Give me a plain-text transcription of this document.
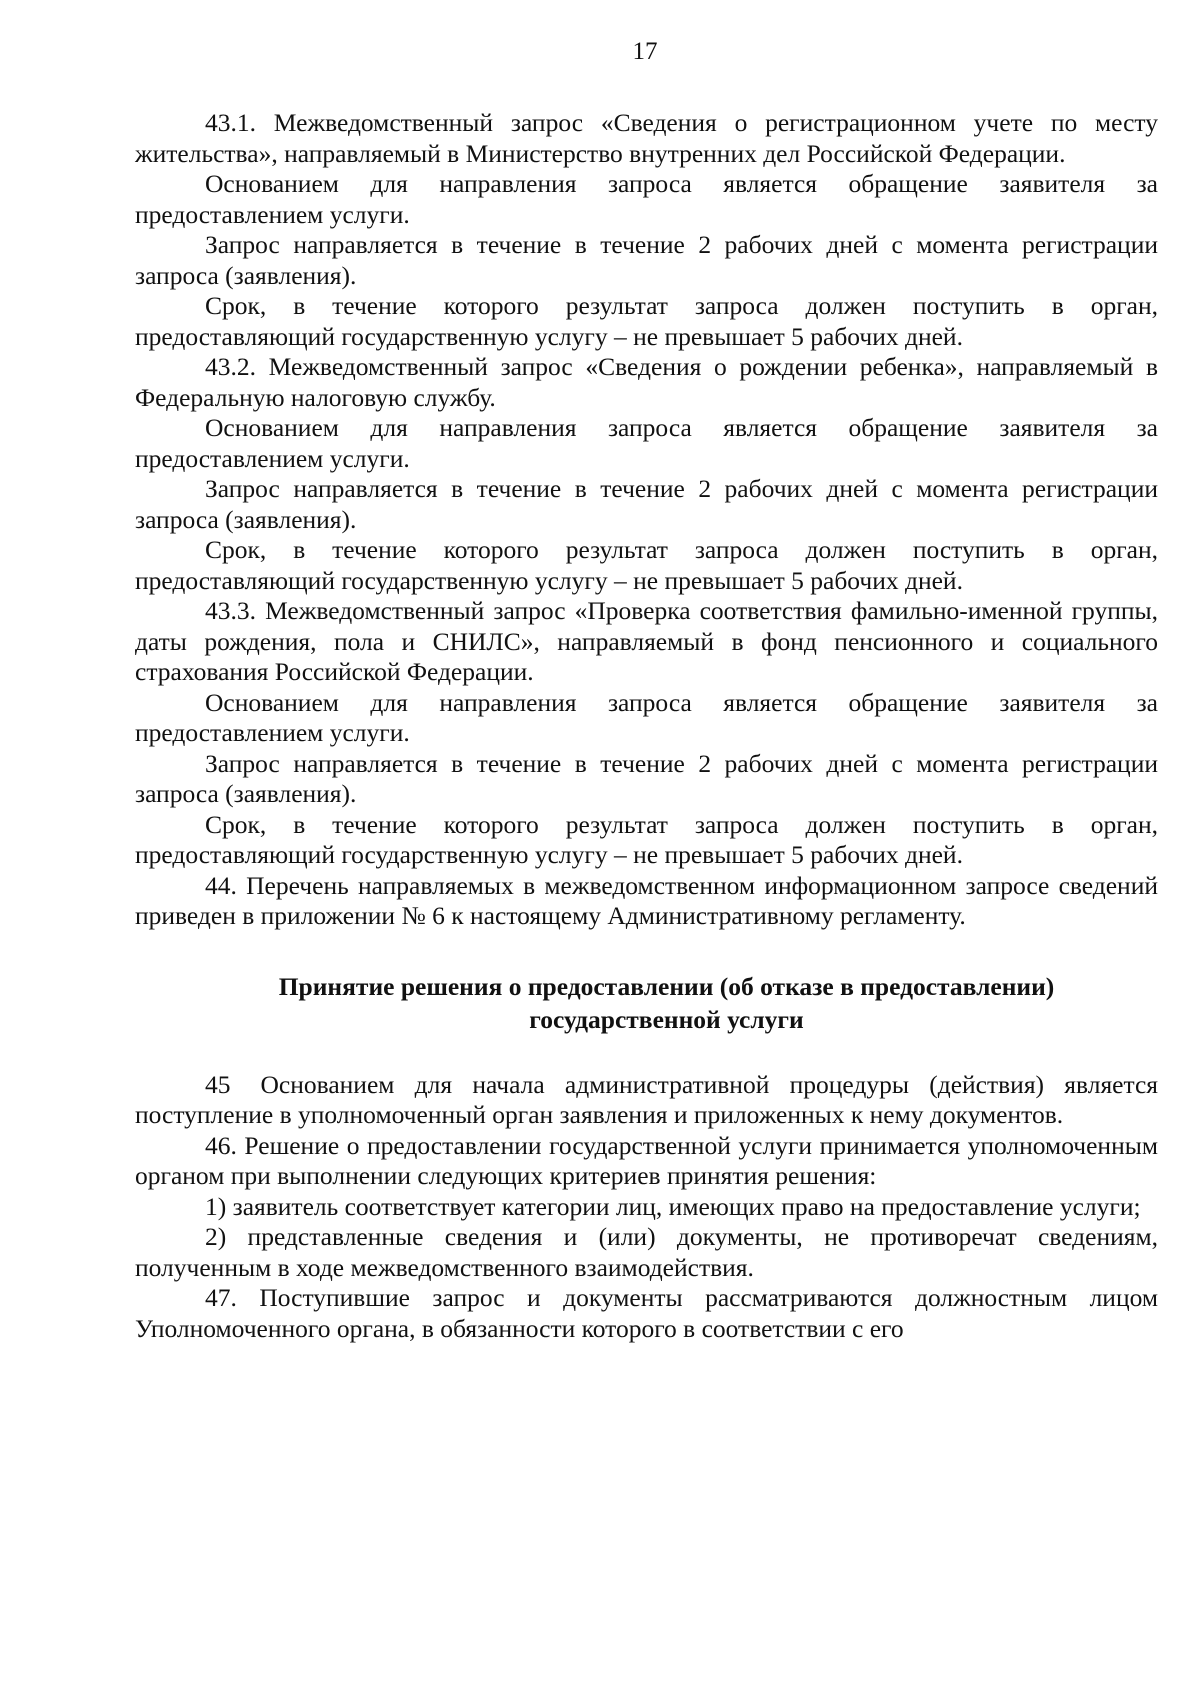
17

43.1. Межведомственный запрос «Сведения о регистрационном учете по месту жительства», направляемый в Министерство внутренних дел Российской Федерации.

Основанием для направления запроса является обращение заявителя за предоставлением услуги.

Запрос направляется в течение в течение 2 рабочих дней с момента регистрации запроса (заявления).

Срок, в течение которого результат запроса должен поступить в орган, предоставляющий государственную услугу – не превышает 5 рабочих дней.

43.2. Межведомственный запрос «Сведения о рождении ребенка», направляемый в Федеральную налоговую службу.

Основанием для направления запроса является обращение заявителя за предоставлением услуги.

Запрос направляется в течение в течение 2 рабочих дней с момента регистрации запроса (заявления).

Срок, в течение которого результат запроса должен поступить в орган, предоставляющий государственную услугу – не превышает 5 рабочих дней.

43.3. Межведомственный запрос «Проверка соответствия фамильно-именной группы, даты рождения, пола и СНИЛС», направляемый в фонд пенсионного и социального страхования Российской Федерации.

Основанием для направления запроса является обращение заявителя за предоставлением услуги.

Запрос направляется в течение в течение 2 рабочих дней с момента регистрации запроса (заявления).

Срок, в течение которого результат запроса должен поступить в орган, предоставляющий государственную услугу – не превышает 5 рабочих дней.

44. Перечень направляемых в межведомственном информационном запросе сведений приведен в приложении № 6 к настоящему Административному регламенту.

Принятие решения о предоставлении (об отказе в предоставлении)
государственной услуги

45 Основанием для начала административной процедуры (действия) является поступление в уполномоченный орган заявления и приложенных к нему документов.

46. Решение о предоставлении государственной услуги принимается уполномоченным органом при выполнении следующих критериев принятия решения:

1) заявитель соответствует категории лиц, имеющих право на предоставление услуги;

2) представленные сведения и (или) документы, не противоречат сведениям, полученным в ходе межведомственного взаимодействия.

47. Поступившие запрос и документы рассматриваются должностным лицом Уполномоченного органа, в обязанности которого в соответствии с его
